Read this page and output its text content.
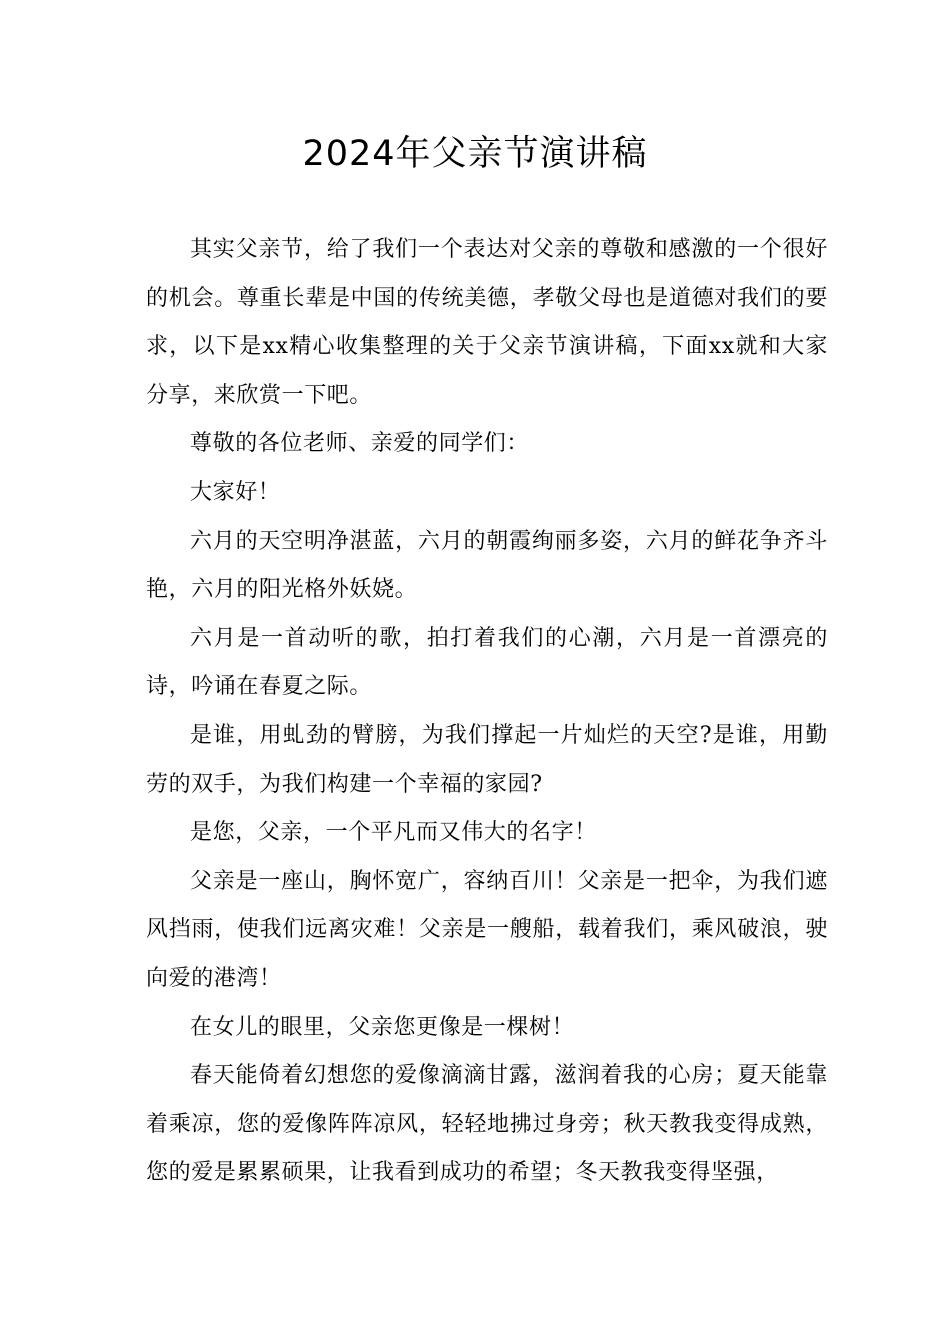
2024年父亲节演讲稿

其实父亲节，给了我们一个表达对父亲的尊敬和感激的一个很好的机会。尊重长辈是中国的传统美德，孝敬父母也是道德对我们的要求，以下是xx精心收集整理的关于父亲节演讲稿，下面xx就和大家分享，来欣赏一下吧。

尊敬的各位老师、亲爱的同学们：

大家好！

六月的天空明净湛蓝，六月的朝霞绚丽多姿，六月的鲜花争齐斗艳，六月的阳光格外妖娆。

六月是一首动听的歌，拍打着我们的心潮，六月是一首漂亮的诗，吟诵在春夏之际。

是谁，用虬劲的臂膀，为我们撑起一片灿烂的天空?是谁，用勤劳的双手，为我们构建一个幸福的家园?

是您，父亲，一个平凡而又伟大的名字！

父亲是一座山，胸怀宽广，容纳百川！父亲是一把伞，为我们遮风挡雨，使我们远离灾难！父亲是一艘船，载着我们，乘风破浪，驶向爱的港湾！

在女儿的眼里，父亲您更像是一棵树！

春天能倚着幻想您的爱像滴滴甘露，滋润着我的心房；夏天能靠着乘凉，您的爱像阵阵凉风，轻轻地拂过身旁；秋天教我变得成熟，您的爱是累累硕果，让我看到成功的希望；冬天教我变得坚强，
